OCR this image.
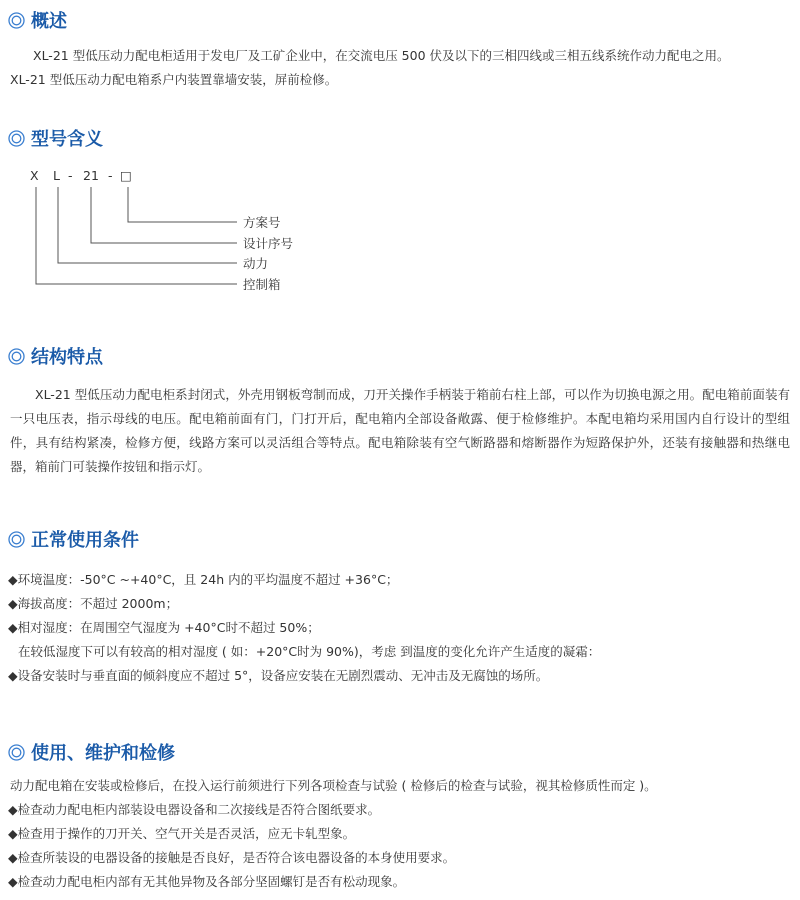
概述
XL-21 型低压动力配电柜适用于发电厂及工矿企业中，在交流电压 500 伏及以下的三相四线或三相五线系统作动力配电之用。
XL-21 型低压动力配电箱系户内装置靠墙安装，屏前检修。
型号含义
X L - 21 - □
方案号
设计序号
动力
控制箱
结构特点

XL-21 型低压动力配电柜系封闭式，外壳用钢板弯制而成，刀开关操作手柄装于箱前右柱上部，可以作为切换电源之用。配电箱前面装有一只电压表，指示母线的电压。配电箱前面有门，门打开后，配电箱内全部设备敞露、便于检修维护。本配电箱均采用国内自行设计的型组件，具有结构紧凑，检修方便，线路方案可以灵活组合等特点。配电箱除装有空气断路器和熔断器作为短路保护外，还装有接触器和热继电器，箱前门可装操作按钮和指示灯。

正常使用条件
◆环境温度：-50°C ~+40°C，且 24h 内的平均温度不超过 +36°C；
◆海拔高度：不超过 2000m；
◆相对湿度：在周围空气湿度为 +40°C时不超过 50%；
在较低湿度下可以有较高的相对湿度 ( 如：+20°C时为 90%)，考虑 到温度的变化允许产生适度的凝霜：
◆设备安装时与垂直面的倾斜度应不超过 5°，设备应安装在无剧烈震动、无冲击及无腐蚀的场所。
使用、维护和检修
动力配电箱在安装或检修后，在投入运行前须进行下列各项检查与试验 ( 检修后的检查与试验，视其检修质性而定 )。
◆检查动力配电柜内部装设电器设备和二次接线是否符合图纸要求。
◆检查用于操作的刀开关、空气开关是否灵活，应无卡轧型象。
◆检查所装设的电器设备的接触是否良好，是否符合该电器设备的本身使用要求。
◆检查动力配电柜内部有无其他异物及各部分坚固螺钉是否有松动现象。
